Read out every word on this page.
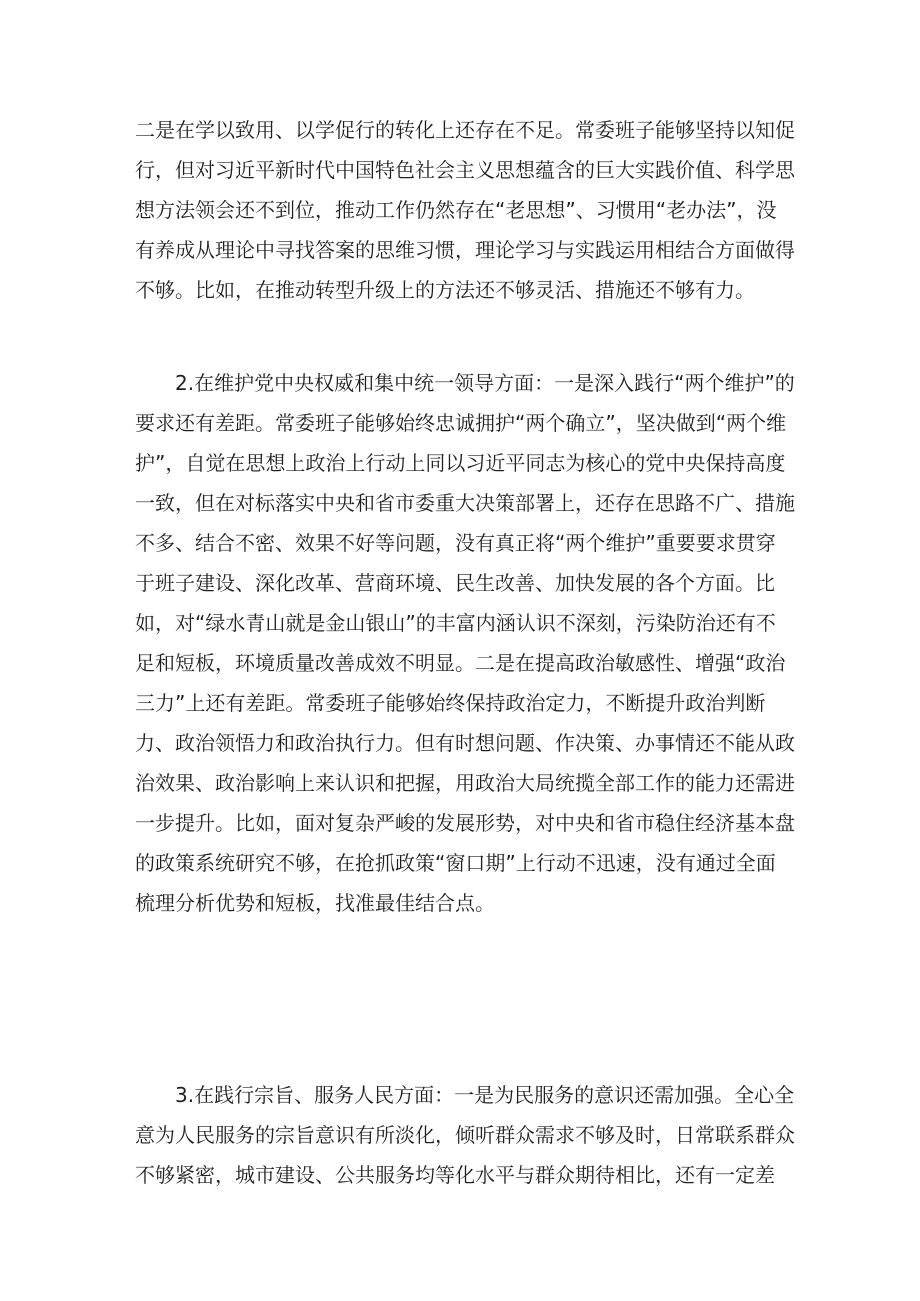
二是在学以致用、以学促行的转化上还存在不足。常委班子能够坚持以知促行，但对习近平新时代中国特色社会主义思想蕴含的巨大实践价值、科学思想方法领会还不到位，推动工作仍然存在“老思想”、习惯用“老办法”，没有养成从理论中寻找答案的思维习惯，理论学习与实践运用相结合方面做得不够。比如，在推动转型升级上的方法还不够灵活、措施还不够有力。

2.在维护党中央权威和集中统一领导方面：一是深入践行“两个维护”的要求还有差距。常委班子能够始终忠诚拥护“两个确立”，坚决做到“两个维护”，自觉在思想上政治上行动上同以习近平同志为核心的党中央保持高度一致，但在对标落实中央和省市委重大决策部署上，还存在思路不广、措施不多、结合不密、效果不好等问题，没有真正将“两个维护”重要要求贯穿于班子建设、深化改革、营商环境、民生改善、加快发展的各个方面。比如，对“绿水青山就是金山银山”的丰富内涵认识不深刻，污染防治还有不足和短板，环境质量改善成效不明显。二是在提高政治敏感性、增强“政治三力”上还有差距。常委班子能够始终保持政治定力，不断提升政治判断力、政治领悟力和政治执行力。但有时想问题、作决策、办事情还不能从政治效果、政治影响上来认识和把握，用政治大局统揽全部工作的能力还需进一步提升。比如，面对复杂严峻的发展形势，对中央和省市稳住经济基本盘的政策系统研究不够，在抢抓政策“窗口期”上行动不迅速，没有通过全面梳理分析优势和短板，找准最佳结合点。

3.在践行宗旨、服务人民方面：一是为民服务的意识还需加强。全心全意为人民服务的宗旨意识有所淡化，倾听群众需求不够及时，日常联系群众不够紧密，城市建设、公共服务均等化水平与群众期待相比，还有一定差
